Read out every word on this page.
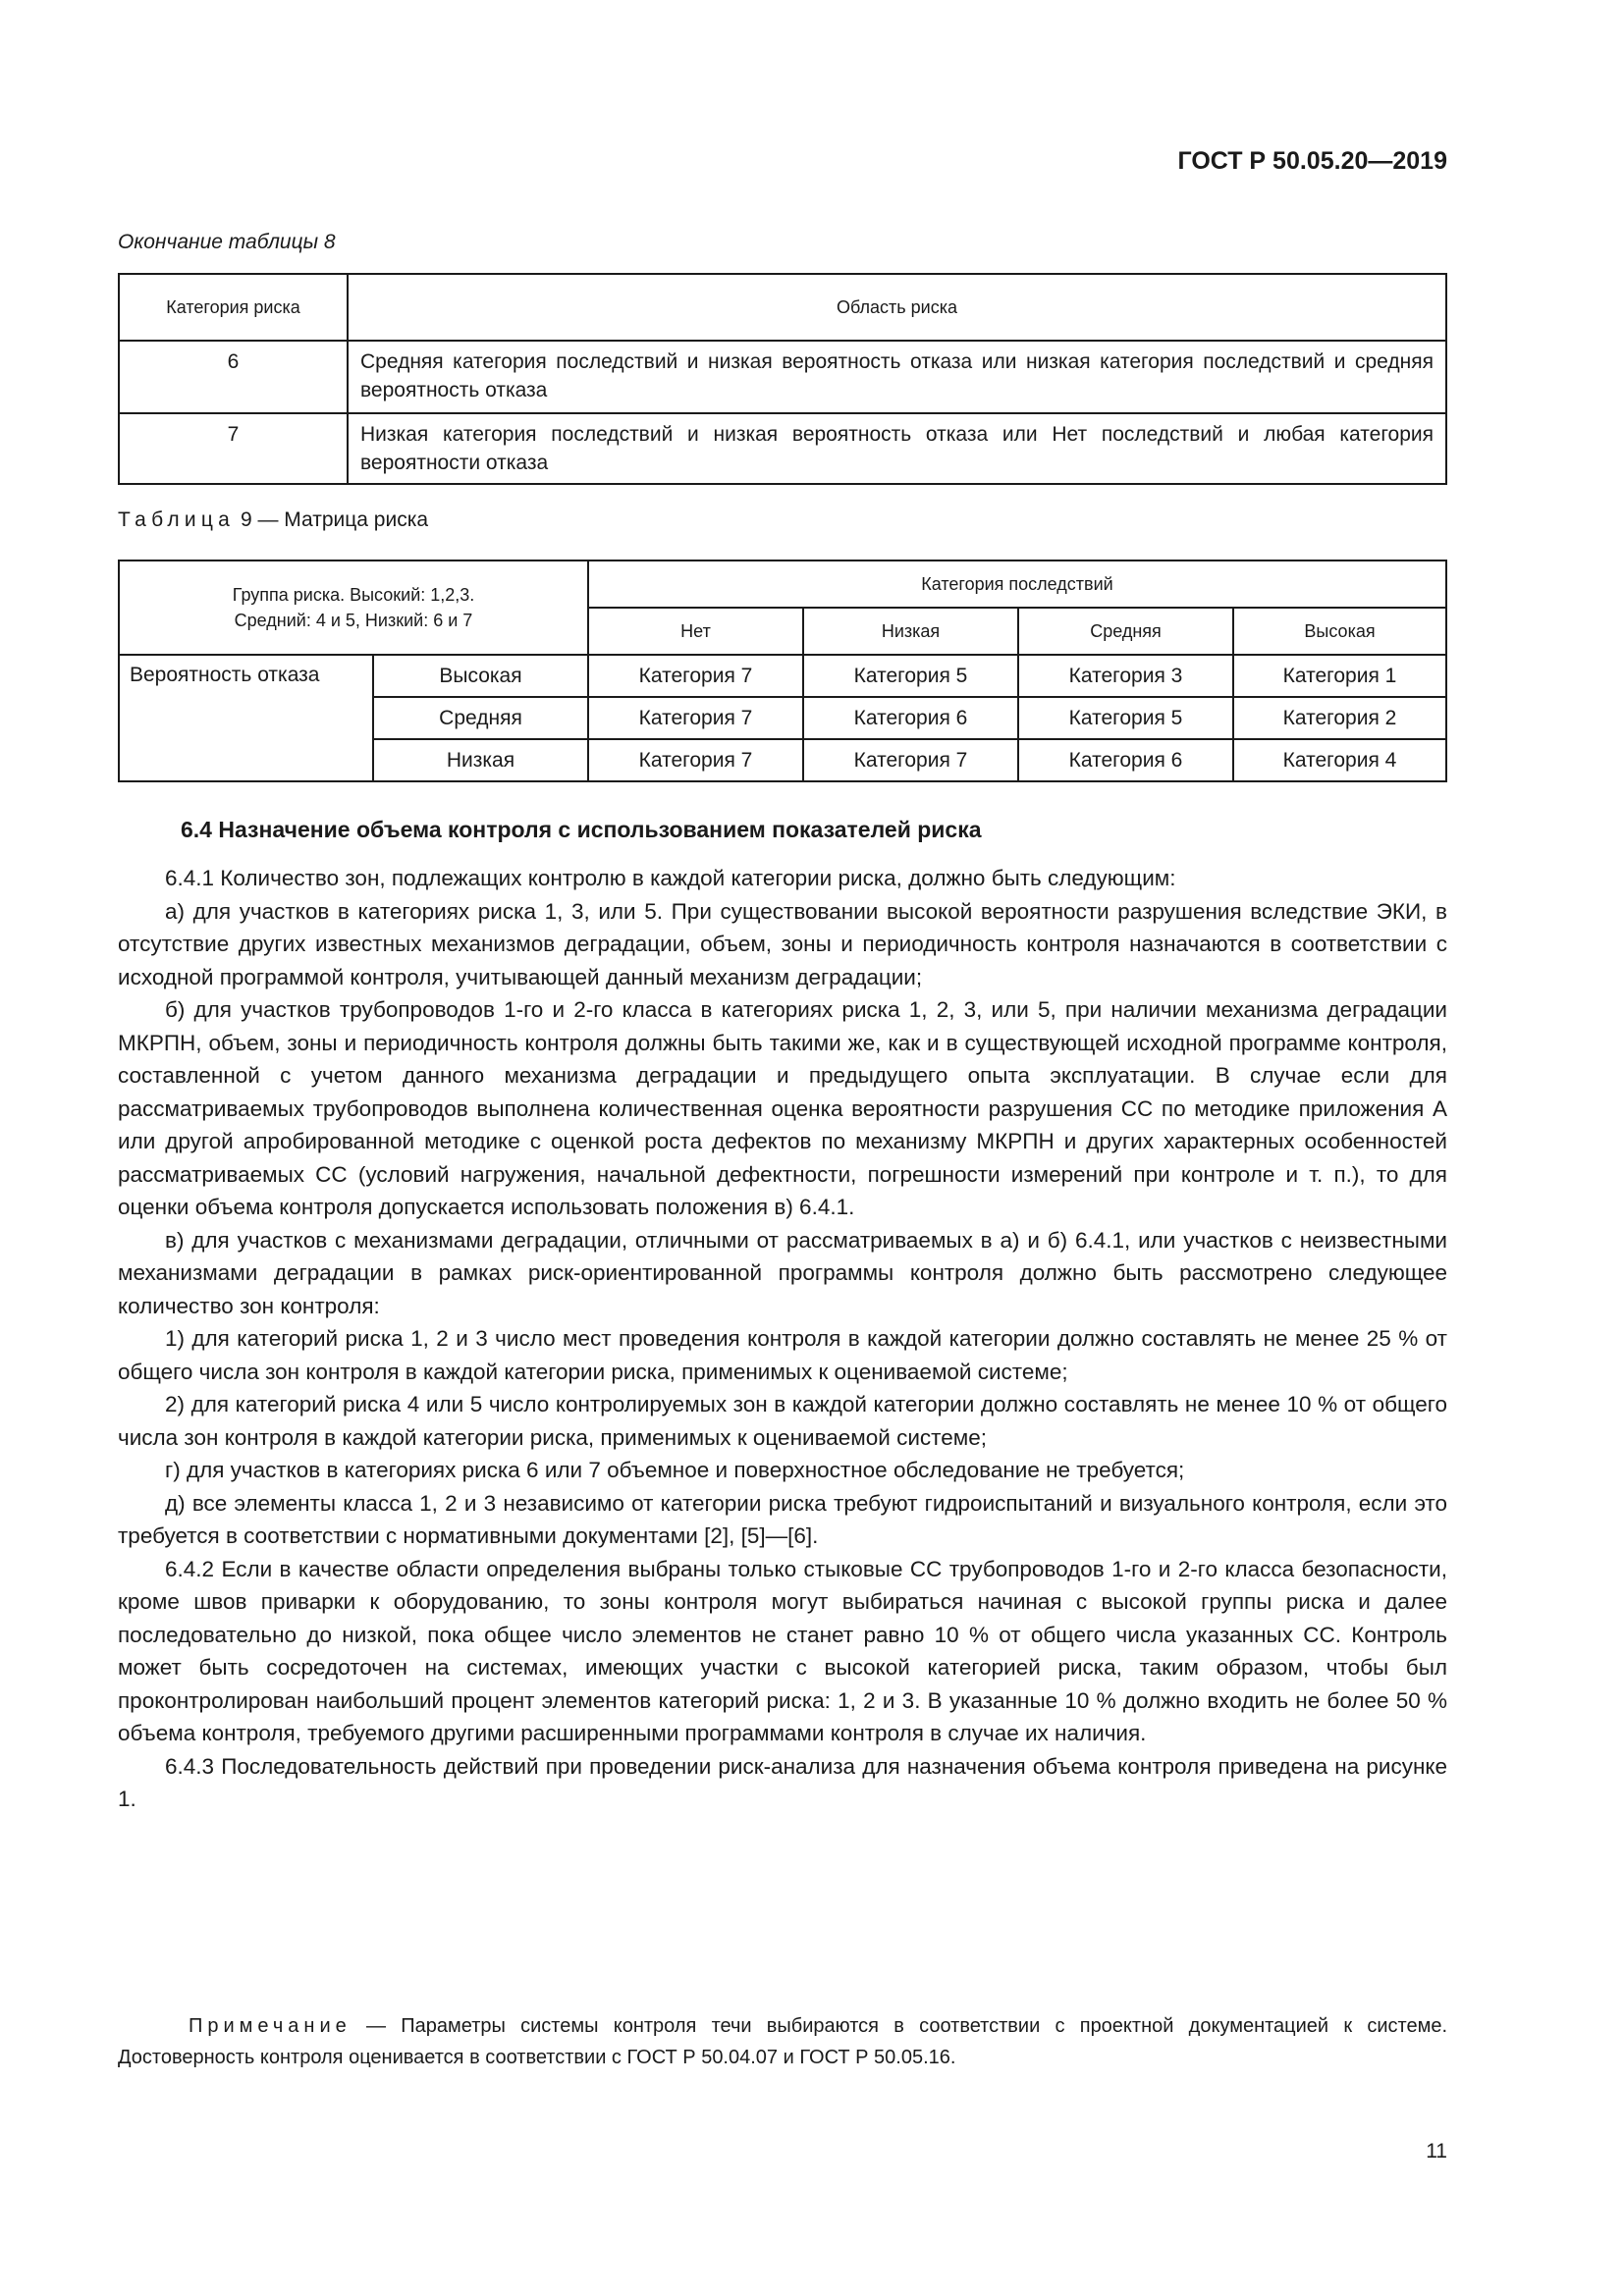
ГОСТ Р 50.05.20—2019
Окончание таблицы 8
Категория риска	Область риска
6	Средняя категория последствий и низкая вероятность отказа или низкая категория последствий и средняя вероятность отказа
7	Низкая категория последствий и низкая вероятность отказа или Нет последствий и любая категория вероятности отказа
Таблица 9 — Матрица риска
Группа риска. Высокий: 1,2,3.
Средний: 4 и 5, Низкий: 6 и 7		Категория последствий			
		Нет	Низкая	Средняя	Высокая
Вероятность отказа	Высокая	Категория 7	Категория 5	Категория 3	Категория 1
	Средняя	Категория 7	Категория 6	Категория 5	Категория 2
	Низкая	Категория 7	Категория 7	Категория 6	Категория 4
6.4 Назначение объема контроля с использованием показателей риска

6.4.1 Количество зон, подлежащих контролю в каждой категории риска, должно быть следующим:

а) для участков в категориях риска 1, 3, или 5. При существовании высокой вероятности разрушения вследствие ЭКИ, в отсутствие других известных механизмов деградации, объем, зоны и периодичность контроля назначаются в соответствии с исходной программой контроля, учитывающей данный механизм деградации;

б) для участков трубопроводов 1-го и 2-го класса в категориях риска 1, 2, 3, или 5, при наличии механизма деградации МКРПН, объем, зоны и периодичность контроля должны быть такими же, как и в существующей исходной программе контроля, составленной с учетом данного механизма деградации и предыдущего опыта эксплуатации. В случае если для рассматриваемых трубопроводов выполнена количественная оценка вероятности разрушения СС по методике приложения А или другой апробированной методике с оценкой роста дефектов по механизму МКРПН и других характерных особенностей рассматриваемых СС (условий нагружения, начальной дефектности, погрешности измерений при контроле и т. п.), то для оценки объема контроля допускается использовать положения в) 6.4.1.

в) для участков с механизмами деградации, отличными от рассматриваемых в а) и б) 6.4.1, или участков с неизвестными механизмами деградации в рамках риск-ориентированной программы контроля должно быть рассмотрено следующее количество зон контроля:

1) для категорий риска 1, 2 и 3 число мест проведения контроля в каждой категории должно составлять не менее 25 % от общего числа зон контроля в каждой категории риска, применимых к оцениваемой системе;

2) для категорий риска 4 или 5 число контролируемых зон в каждой категории должно составлять не менее 10 % от общего числа зон контроля в каждой категории риска, применимых к оцениваемой системе;

г) для участков в категориях риска 6 или 7 объемное и поверхностное обследование не требуется;

д) все элементы класса 1, 2 и 3 независимо от категории риска требуют гидроиспытаний и визуального контроля, если это требуется в соответствии с нормативными документами [2], [5]—[6].

6.4.2 Если в качестве области определения выбраны только стыковые СС трубопроводов 1-го и 2-го класса безопасности, кроме швов приварки к оборудованию, то зоны контроля могут выбираться начиная с высокой группы риска и далее последовательно до низкой, пока общее число элементов не станет равно 10 % от общего числа указанных СС. Контроль может быть сосредоточен на системах, имеющих участки с высокой категорией риска, таким образом, чтобы был проконтролирован наибольший процент элементов категорий риска: 1, 2 и 3. В указанные 10 % должно входить не более 50 % объема контроля, требуемого другими расширенными программами контроля в случае их наличия.

6.4.3 Последовательность действий при проведении риск-анализа для назначения объема контроля приведена на рисунке 1.

Примечание — Параметры системы контроля течи выбираются в соответствии с проектной документацией к системе. Достоверность контроля оценивается в соответствии с ГОСТ Р 50.04.07 и ГОСТ Р 50.05.16.

11
